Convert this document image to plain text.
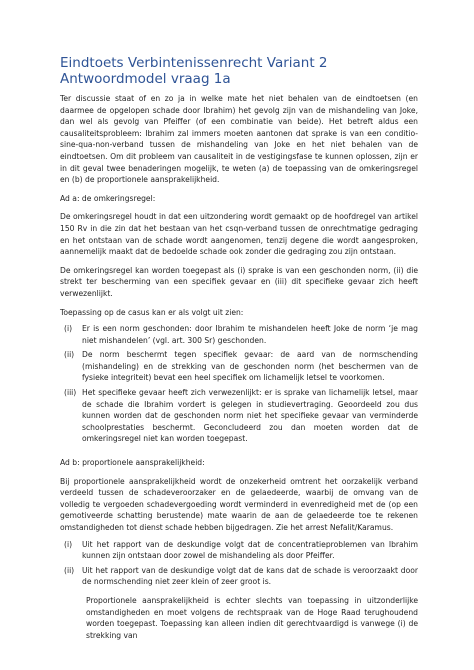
Eindtoets Verbintenissenrecht Variant 2
Antwoordmodel vraag 1a

Ter discussie staat of en zo ja in welke mate het niet behalen van de eindtoetsen (en daarmee de opgelopen schade door Ibrahim) het gevolg zijn van de mishandeling van Joke, dan wel als gevolg van Pfeiffer (of een combinatie van beide). Het betreft aldus een causaliteitsprobleem: Ibrahim zal immers moeten aantonen dat sprake is van een conditio-sine-qua-non-verband tussen de mishandeling van Joke en het niet behalen van de eindtoetsen. Om dit probleem van causaliteit in de vestigingsfase te kunnen oplossen, zijn er in dit geval twee benaderingen mogelijk, te weten (a) de toepassing van de omkeringsregel en (b) de proportionele aansprakelijkheid.

Ad a: de omkeringsregel:

De omkeringsregel houdt in dat een uitzondering wordt gemaakt op de hoofdregel van artikel 150 Rv in die zin dat het bestaan van het csqn-verband tussen de onrechtmatige gedraging en het ontstaan van de schade wordt aangenomen, tenzij degene die wordt aangesproken, aannemelijk maakt dat de bedoelde schade ook zonder die gedraging zou zijn ontstaan.

De omkeringsregel kan worden toegepast als (i) sprake is van een geschonden norm, (ii) die strekt ter bescherming van een specifiek gevaar en (iii) dit specifieke gevaar zich heeft verwezenlijkt.

Toepassing op de casus kan er als volgt uit zien:

(i)	Er is een norm geschonden: door Ibrahim te mishandelen heeft Joke de norm ‘je mag niet mishandelen’ (vgl. art. 300 Sr) geschonden.
(ii)	De norm beschermt tegen specifiek gevaar: de aard van de normschending (mishandeling) en de strekking van de geschonden norm (het beschermen van de fysieke integriteit) bevat een heel specifiek om lichamelijk letsel te voorkomen.
(iii) Het specifieke gevaar heeft zich verwezenlijkt: er is sprake van lichamelijk letsel, maar de schade die Ibrahim vordert is gelegen in studievertraging. Geoordeeld zou dus kunnen worden dat de geschonden norm niet het specifieke gevaar van verminderde schoolprestaties beschermt. Geconcludeerd zou dan moeten worden dat de omkeringsregel niet kan worden toegepast.

Ad b: proportionele aansprakelijkheid:

Bij proportionele aansprakelijkheid wordt de onzekerheid omtrent het oorzakelijk verband verdeeld tussen de schadeveroorzaker en de gelaedeerde, waarbij de omvang van de volledig te vergoeden schadevergoeding wordt verminderd in evenredigheid met de (op een gemotiveerde schatting berustende) mate waarin de aan de gelaedeerde toe te rekenen omstandigheden tot dienst schade hebben bijgedragen. Zie het arrest Nefalit/Karamus.

(i)	Uit het rapport van de deskundige volgt dat de concentratieproblemen van Ibrahim kunnen zijn ontstaan door zowel de mishandeling als door Pfeiffer.
(ii)	Uit het rapport van de deskundige volgt dat de kans dat de schade is veroorzaakt door de normschending niet zeer klein of zeer groot is.

Proportionele aansprakelijkheid is echter slechts van toepassing in uitzonderlijke omstandigheden en moet volgens de rechtspraak van de Hoge Raad terughoudend worden toegepast. Toepassing kan alleen indien dit gerechtvaardigd is vanwege (i) de strekking van
